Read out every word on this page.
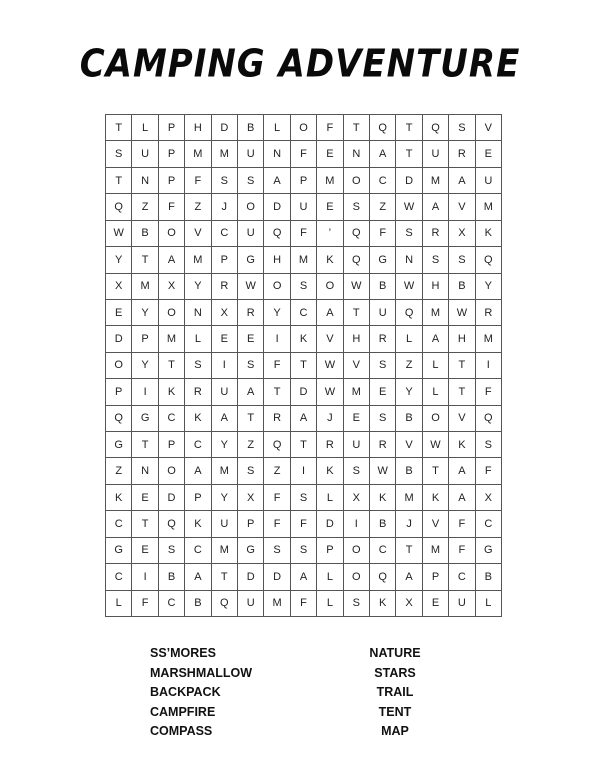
CAMPING ADVENTURE
T	L	P	H	D	B	L	O	F	T	Q	T	Q	S	V
S	U	P	M	M	U	N	F	E	N	A	T	U	R	E
T	N	P	F	S	S	A	P	M	O	C	D	M	A	U
Q	Z	F	Z	J	O	D	U	E	S	Z	W	A	V	M
W	B	O	V	C	U	Q	F	’	Q	F	S	R	X	K
Y	T	A	M	P	G	H	M	K	Q	G	N	S	S	Q
X	M	X	Y	R	W	O	S	O	W	B	W	H	B	Y
E	Y	O	N	X	R	Y	C	A	T	U	Q	M	W	R
D	P	M	L	E	E	I	K	V	H	R	L	A	H	M
O	Y	T	S	I	S	F	T	W	V	S	Z	L	T	I
P	I	K	R	U	A	T	D	W	M	E	Y	L	T	F
Q	G	C	K	A	T	R	A	J	E	S	B	O	V	Q
G	T	P	C	Y	Z	Q	T	R	U	R	V	W	K	S
Z	N	O	A	M	S	Z	I	K	S	W	B	T	A	F
K	E	D	P	Y	X	F	S	L	X	K	M	K	A	X
C	T	Q	K	U	P	F	F	D	I	B	J	V	F	C
G	E	S	C	M	G	S	S	P	O	C	T	M	F	G
C	I	B	A	T	D	D	A	L	O	Q	A	P	C	B
L	F	C	B	Q	U	M	F	L	S	K	X	E	U	L
SS’MORES
MARSHMALLOW
BACKPACK
CAMPFIRE
COMPASS
NATURE
STARS
TRAIL
TENT
MAP
